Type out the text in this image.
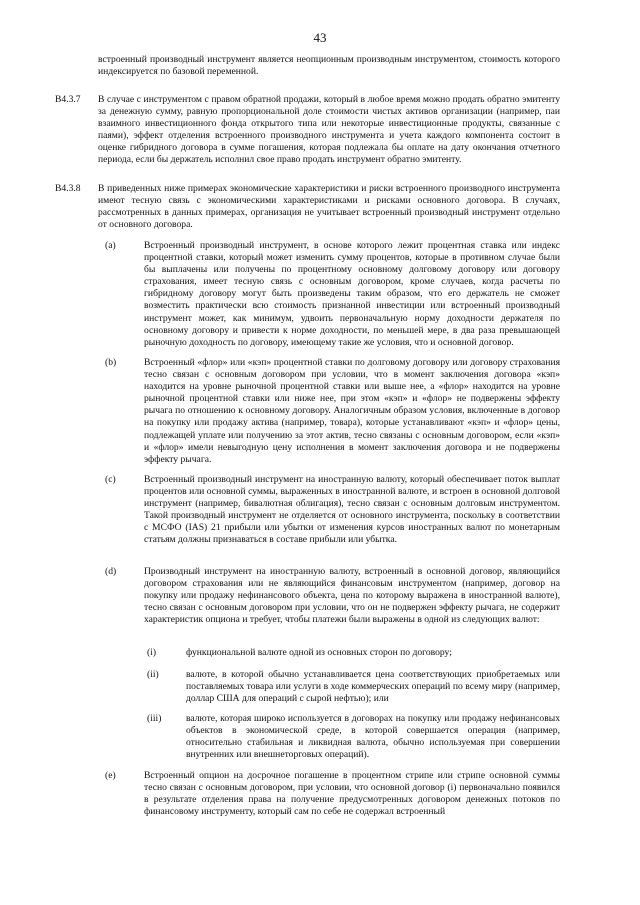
43
встроенный производный инструмент является неопционным производным инструментом, стоимость которого индексируется по базовой переменной.
B4.3.7 В случае с инструментом с правом обратной продажи, который в любое время можно продать обратно эмитенту за денежную сумму, равную пропорциональной доле стоимости чистых активов организации (например, паи взаимного инвестиционного фонда открытого типа или некоторые инвестиционные продукты, связанные с паями), эффект отделения встроенного производного инструмента и учета каждого компонента состоит в оценке гибридного договора в сумме погашения, которая подлежала бы оплате на дату окончания отчетного периода, если бы держатель исполнил свое право продать инструмент обратно эмитенту.
B4.3.8 В приведенных ниже примерах экономические характеристики и риски встроенного производного инструмента имеют тесную связь с экономическими характеристиками и рисками основного договора. В случаях, рассмотренных в данных примерах, организация не учитывает встроенный производный инструмент отдельно от основного договора.
(a)	Встроенный производный инструмент, в основе которого лежит процентная ставка или индекс процентной ставки, который может изменить сумму процентов, которые в противном случае были бы выплачены или получены по процентному основному долговому договору или договору страхования, имеет тесную связь с основным договором, кроме случаев, когда расчеты по гибридному договору могут быть произведены таким образом, что его держатель не сможет возместить практически всю стоимость признанной инвестиции или встроенный производный инструмент может, как минимум, удвоить первоначальную норму доходности держателя по основному договору и привести к норме доходности, по меньшей мере, в два раза превышающей рыночную доходность по договору, имеющему такие же условия, что и основной договор.
(b)	Встроенный «флор» или «кэп» процентной ставки по долговому договору или договору страхования тесно связан с основным договором при условии, что в момент заключения договора «кэп» находится на уровне рыночной процентной ставки или выше нее, а «флор» находится на уровне рыночной процентной ставки или ниже нее, при этом «кэп» и «флор» не подвержены эффекту рычага по отношению к основному договору. Аналогичным образом условия, включенные в договор на покупку или продажу актива (например, товара), которые устанавливают «кэп» и «флор» цены, подлежащей уплате или получению за этот актив, тесно связаны с основным договором, если «кэп» и «флор» имели невыгодную цену исполнения в момент заключения договора и не подвержены эффекту рычага.
(c)	Встроенный производный инструмент на иностранную валюту, который обеспечивает поток выплат процентов или основной суммы, выраженных в иностранной валюте, и встроен в основной долговой инструмент (например, бивалютная облигация), тесно связан с основным долговым инструментом. Такой производный инструмент не отделяется от основного инструмента, поскольку в соответствии с МСФО (IAS) 21 прибыли или убытки от изменения курсов иностранных валют по монетарным статьям должны признаваться в составе прибыли или убытка.
(d)	Производный инструмент на иностранную валюту, встроенный в основной договор, являющийся договором страхования или не являющийся финансовым инструментом (например, договор на покупку или продажу нефинансового объекта, цена по которому выражена в иностранной валюте), тесно связан с основным договором при условии, что он не подвержен эффекту рычага, не содержит характеристик опциона и требует, чтобы платежи были выражены в одной из следующих валют:
(i)	функциональной валюте одной из основных сторон по договору;
(ii)	валюте, в которой обычно устанавливается цена соответствующих приобретаемых или поставляемых товара или услуги в ходе коммерческих операций по всему миру (например, доллар США для операций с сырой нефтью); или
(iii)	валюте, которая широко используется в договорах на покупку или продажу нефинансовых объектов в экономической среде, в которой совершается операция (например, относительно стабильная и ликвидная валюта, обычно используемая при совершении внутренних или внешнеторговых операций).
(e)	Встроенный опцион на досрочное погашение в процентном стрипе или стрипе основной суммы тесно связан с основным договором, при условии, что основной договор (i) первоначально появился в результате отделения права на получение предусмотренных договором денежных потоков по финансовому инструменту, который сам по себе не содержал встроенный
